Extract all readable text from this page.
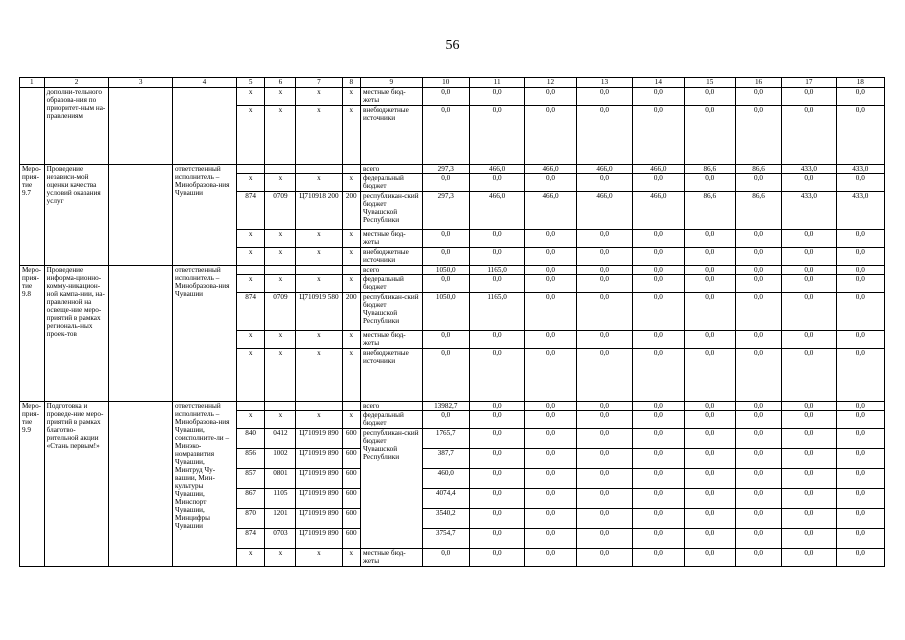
56
1	2	3	4	5	6	7	8	9	10	11	12	13	14	15	16	17	18
	дополни-тельного образова-ния по приоритет-ным на-правлениям			х	х	х	х	местные бюд-жеты	0,0	0,0	0,0	0,0	0,0	0,0	0,0	0,0	0,0
				х	х	х	х	внебюджетные источники	0,0	0,0	0,0	0,0	0,0	0,0	0,0	0,0	0,0
Меро-прия-тие 9.7	Проведение независи-мой оценки качества условий оказания услуг		ответственный исполнитель – Минобразова-ния Чувашии					всего	297,3	466,0	466,0	466,0	466,0	86,6	86,6	433,0	433,0
				х	х	х	х	федеральный бюджет	0,0	0,0	0,0	0,0	0,0	0,0	0,0	0,0	0,0
				874	0709	Ц710918 200	200	республикан-ский бюджет Чувашской Республики	297,3	466,0	466,0	466,0	466,0	86,6	86,6	433,0	433,0
				х	х	х	х	местные бюд-жеты	0,0	0,0	0,0	0,0	0,0	0,0	0,0	0,0	0,0
				х	х	х	х	внебюджетные источники	0,0	0,0	0,0	0,0	0,0	0,0	0,0	0,0	0,0
Меро-прия-тие 9.8	Проведение информа-ционно-комму-никацион-ной кампа-нии, на-правленной на освеще-ние меро-приятий в рамках региональ-ных проек-тов		ответственный исполнитель – Минобразова-ния Чувашии					всего	1050,0	1165,0	0,0	0,0	0,0	0,0	0,0	0,0	0,0
				х	х	х	х	федеральный бюджет	0,0	0,0	0,0	0,0	0,0	0,0	0,0	0,0	0,0
				874	0709	Ц710919 580	200	республикан-ский бюджет Чувашской Республики	1050,0	1165,0	0,0	0,0	0,0	0,0	0,0	0,0	0,0
				х	х	х	х	местные бюд-жеты	0,0	0,0	0,0	0,0	0,0	0,0	0,0	0,0	0,0
				х	х	х	х	внебюджетные источники	0,0	0,0	0,0	0,0	0,0	0,0	0,0	0,0	0,0
Меро-прия-тие 9.9	Подготовка и проведе-ние меро-приятий в рамках благотво-рительной акции «Стань первым!»		ответственный исполнитель – Минобразова-ния Чувашии, соисполните-ли – Минэко-номразвития Чувашии, Минтруд Чу-вашии, Мин-культуры Чувашии, Минспорт Чувашии, Минцифры Чувашии					всего	13982,7	0,0	0,0	0,0	0,0	0,0	0,0	0,0	0,0
				х	х	х	х	федеральный бюджет	0,0	0,0	0,0	0,0	0,0	0,0	0,0	0,0	0,0
				840	0412	Ц710919 890	600	республикан-ский бюджет Чувашской Республики	1765,7	0,0	0,0	0,0	0,0	0,0	0,0	0,0	0,0
				856	1002	Ц710919 890	600		387,7	0,0	0,0	0,0	0,0	0,0	0,0	0,0	0,0
				857	0801	Ц710919 890	600		460,0	0,0	0,0	0,0	0,0	0,0	0,0	0,0	0,0
				867	1105	Ц710919 890	600		4074,4	0,0	0,0	0,0	0,0	0,0	0,0	0,0	0,0
				870	1201	Ц710919 890	600		3540,2	0,0	0,0	0,0	0,0	0,0	0,0	0,0	0,0
				874	0703	Ц710919 890	600		3754,7	0,0	0,0	0,0	0,0	0,0	0,0	0,0	0,0
				х	х	х	х	местные бюд-жеты	0,0	0,0	0,0	0,0	0,0	0,0	0,0	0,0	0,0
